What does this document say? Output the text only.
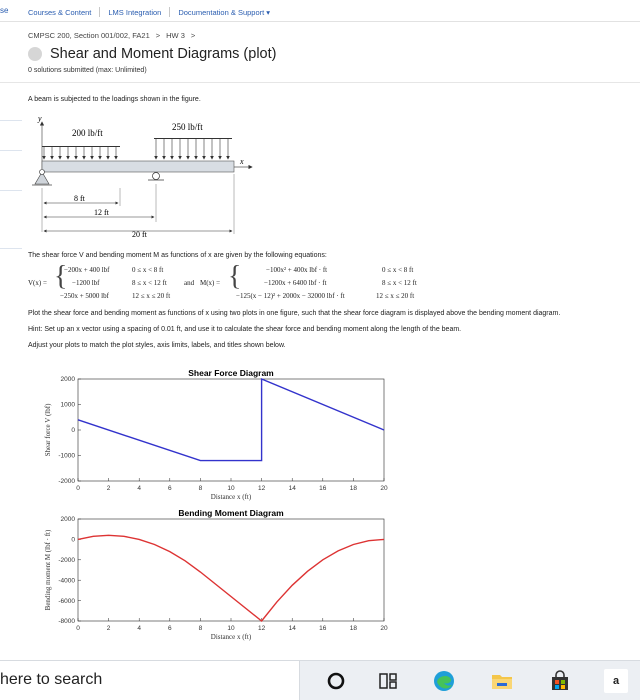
se	Courses & Content LMS Integration Documentation & Support ▾
CMPSC 200, Section 001/002, FA21 > HW 3 >
Shear and Moment Diagrams (plot)
0 solutions submitted (max: Unlimited)
A beam is subjected to the loadings shown in the figure.
y
x
200 lb/ft
250 lb/ft
8 ft
12 ft
20 ft
The shear force V and bending moment M as functions of x are given by the following equations:
V(x) = {
−200x + 400 lbf	0 ≤ x < 8 ft
−1200 lbf	8 ≤ x < 12 ft
−250x + 5000 lbf	12 ≤ x ≤ 20 ft
and M(x) = {	−100x² + 400x lbf · ft	0 ≤ x < 8 ft
−1200x + 6400 lbf · ft	8 ≤ x < 12 ft
−125(x − 12)² + 2000x − 32000 lbf · ft	12 ≤ x ≤ 20 ft
Plot the shear force and bending moment as functions of x using two plots in one figure, such that the shear force diagram is displayed above the bending moment diagram.
Hint: Set up an x vector using a spacing of 0.01 ft, and use it to calculate the shear force and bending moment along the length of the beam.
Adjust your plots to match the plot styles, axis limits, labels, and titles shown below.
Shear Force Diagram
0	2	4	6	8	10	12	14	16	18	20
2000
1000
0
-1000
-2000
Distance x (ft)
Shear force V (lbf)
Bending Moment Diagram
0	2	4	6	8	10	12	14	16	18	20
2000
0
-2000
-4000
-6000
-8000
Distance x (ft)
Bending moment M (lbf · ft)
here to search	a
